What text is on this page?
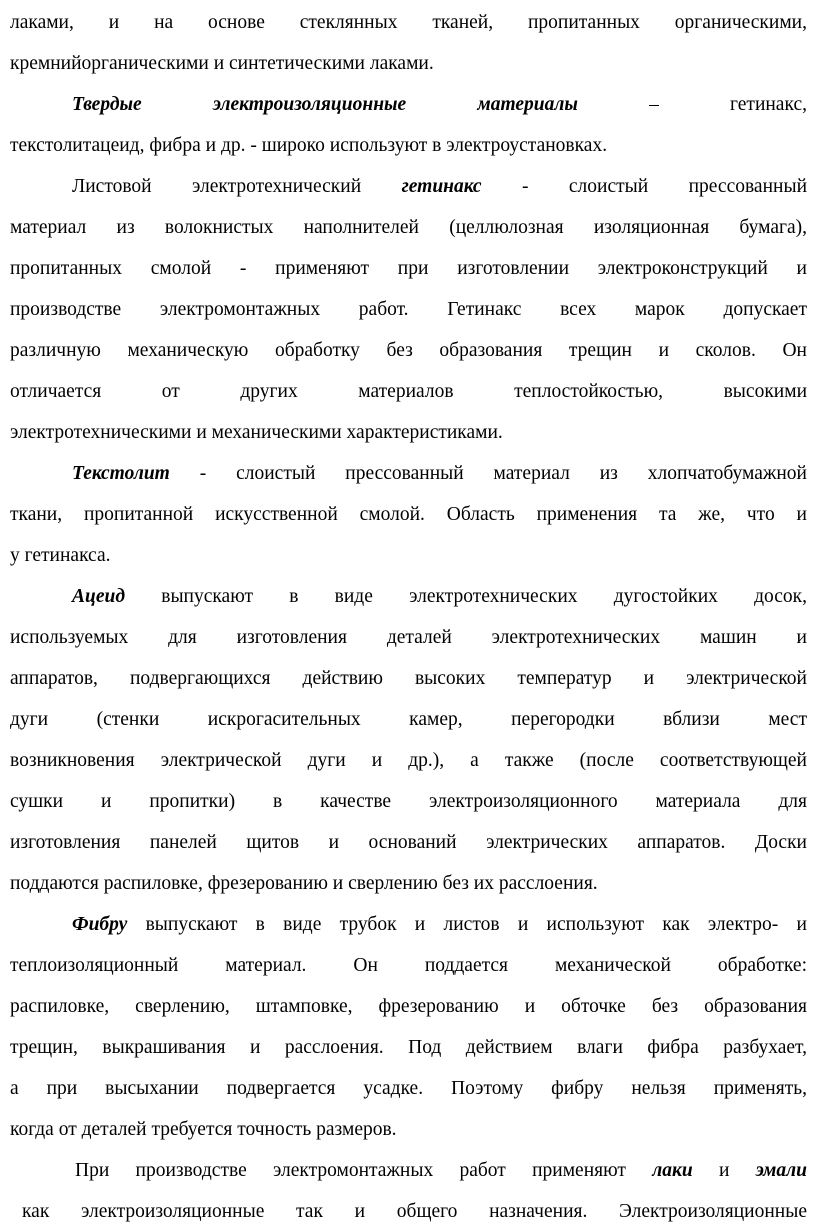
лаками, и на основе стеклянных тканей, пропитанных органическими,
кремнийорганическими и синтетическими лаками.
Твердые электроизоляционные материалы – гетинакс,
текстолитацеид, фибра и др. - широко используют в электроустановках.
Листовой электротехнический гетинакс - слоистый прессованный
материал из волокнистых наполнителей (целлюлозная изоляционная бумага),
пропитанных смолой - применяют при изготовлении электроконструкций и
производстве электромонтажных работ. Гетинакс всех марок допускает
различную механическую обработку без образования трещин и сколов. Он
отличается от других материалов теплостойкостью, высокими
электротехническими и механическими характеристиками.
Текстолит - слоистый прессованный материал из хлопчатобумажной
ткани, пропитанной искусственной смолой. Область применения та же, что и
у гетинакса.
Ацеид выпускают в виде электротехнических дугостойких досок,
используемых для изготовления деталей электротехнических машин и
аппаратов, подвергающихся действию высоких температур и электрической
дуги (стенки искрогасительных камер, перегородки вблизи мест
возникновения электрической дуги и др.), а также (после соответствующей
сушки и пропитки) в качестве электроизоляционного материала для
изготовления панелей щитов и оснований электрических аппаратов. Доски
поддаются распиловке, фрезерованию и сверлению без их расслоения.
Фибру выпускают в виде трубок и листов и используют как электро- и
теплоизоляционный материал. Он поддается механической обработке:
распиловке, сверлению, штамповке, фрезерованию и обточке без образования
трещин, выкрашивания и расслоения. Под действием влаги фибра разбухает,
а при высыхании подвергается усадке. Поэтому фибру нельзя применять,
когда от деталей требуется точность размеров.
При производстве электромонтажных работ применяют лаки и эмали
как электроизоляционные так и общего назначения. Электроизоляционные
